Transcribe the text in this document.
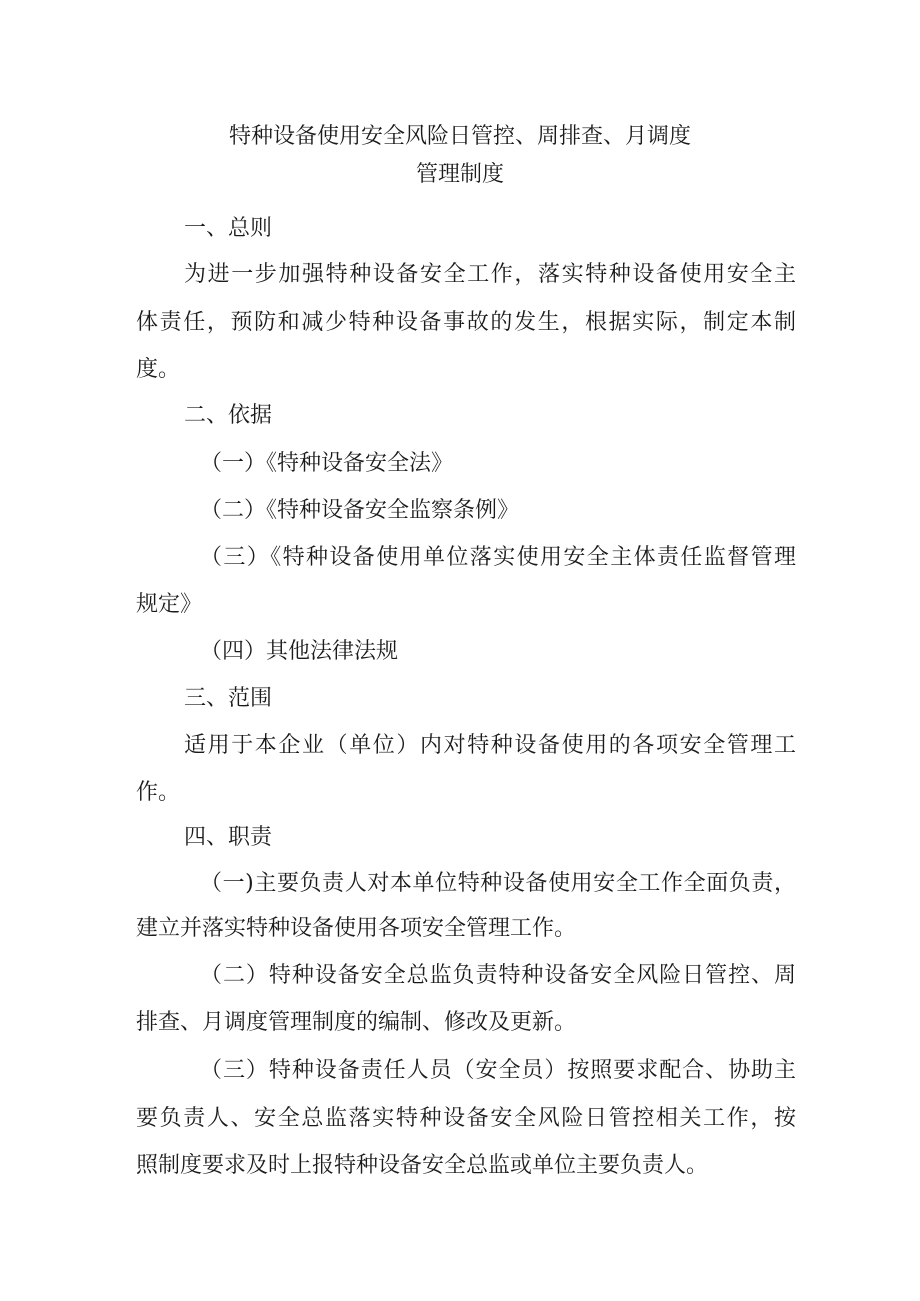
特种设备使用安全风险日管控、周排查、月调度
管理制度
一、总则
为进一步加强特种设备安全工作，落实特种设备使用安全主
体责任，预防和减少特种设备事故的发生，根据实际，制定本制
度。
二、依据
（一）《特种设备安全法》
（二）《特种设备安全监察条例》
（三）《特种设备使用单位落实使用安全主体责任监督管理
规定》
（四）其他法律法规
三、范围
适用于本企业（单位）内对特种设备使用的各项安全管理工
作。
四、职责
（一)主要负责人对本单位特种设备使用安全工作全面负责，
建立并落实特种设备使用各项安全管理工作。
（二）特种设备安全总监负责特种设备安全风险日管控、周
排查、月调度管理制度的编制、修改及更新。
（三）特种设备责任人员（安全员）按照要求配合、协助主
要负责人、安全总监落实特种设备安全风险日管控相关工作，按
照制度要求及时上报特种设备安全总监或单位主要负责人。
